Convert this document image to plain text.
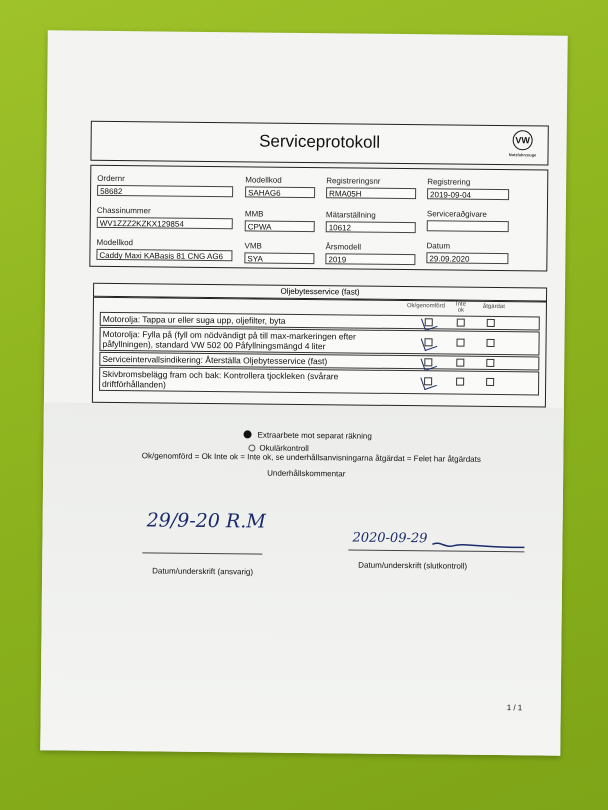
Serviceprotokoll	VW
Nutzfahrzeuge
Ordernr
58682
Modellkod
SAHAG6
Registreringsnr
RMA05H
Registrering
2019-09-04
Chassinummer
WV1ZZZ2KZKX129854
MMB
CPWA
Mätarställning
10612
Serviceraðgivare
Modellkod
Caddy Maxi KABasis 81 CNG AG6
VMB
SYA
Årsmodell
2019
Datum
29.09.2020
Oljebytesservice (fast)
Ok/genomförd	Inte ok
åtgärdat
Motorolja: Tappa ur eller suga upp, oljefilter, byta
Motorolja: Fylla på (fyll om nödvändigt på till max-markeringen efter påfyllningen), standard VW 502 00 Påfyllningsmängd 4 liter
Serviceintervallsindikering: Återställa Oljebytesservice (fast)
Skivbromsbelägg fram och bak: Kontrollera tjockleken (svårare driftförhållanden)
Extraarbete mot separat räkning
Okulärkontroll
Ok/genomförd = Ok Inte ok = Inte ok, se underhållsanvisningarna åtgärdat = Felet har åtgärdats
Underhållskommentar
29/9-20 R.M
Datum/underskrift (ansvarig)
2020-09-29
Datum/underskrift (slutkontroll)
1 / 1
